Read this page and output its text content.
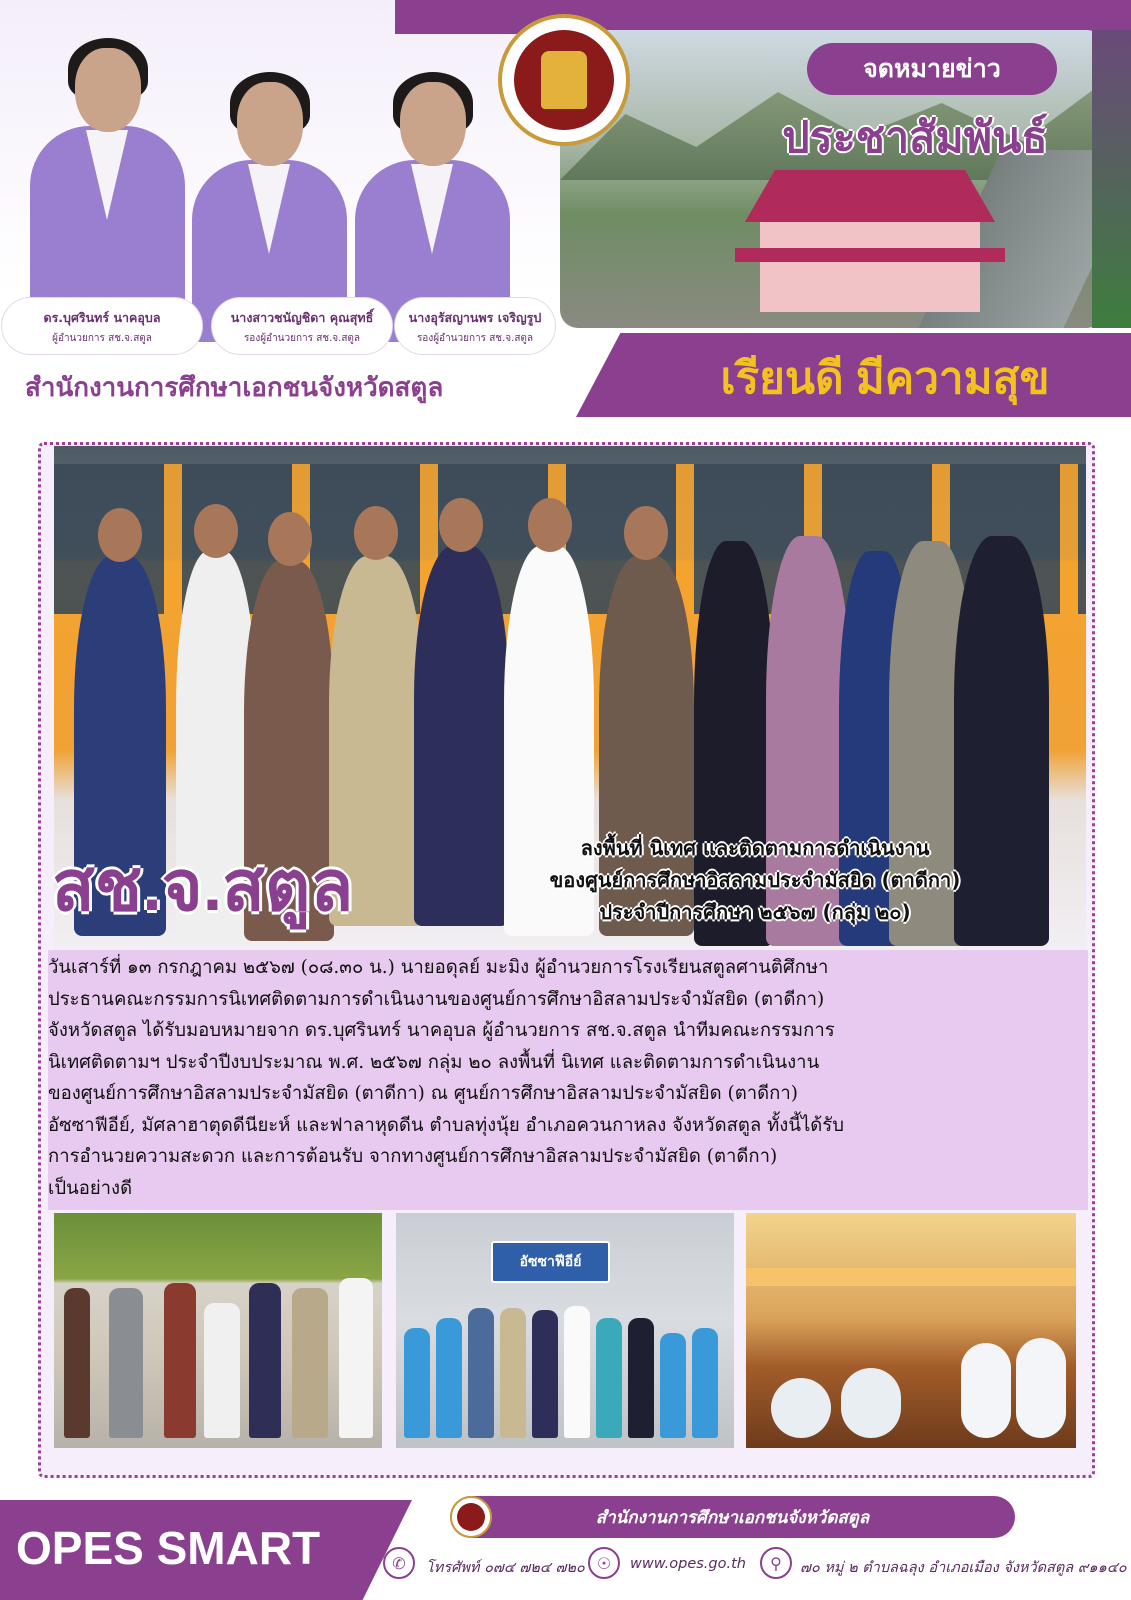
จดหมายข่าว
ประชาสัมพันธ์
ดร.บุศรินทร์ นาคอุบล
ผู้อำนวยการ สช.จ.สตูล
นางสาวชนัญชิดา คุณสุทธิ์
รองผู้อำนวยการ สช.จ.สตูล
นางอุรัสญานพร เจริญรูป
รองผู้อำนวยการ สช.จ.สตูล
สำนักงานการศึกษาเอกชนจังหวัดสตูล	เรียนดี มีความสุข
สช.จ.สตูล	ลงพื้นที่ นิเทศ และติดตามการดำเนินงาน
ของศูนย์การศึกษาอิสลามประจำมัสยิด (ตาดีกา)
ประจำปีการศึกษา ๒๕๖๗ (กลุ่ม ๒๐)
วันเสาร์ที่ ๑๓ กรกฎาคม ๒๕๖๗ (๐๘.๓๐ น.) นายอดุลย์ มะมิง ผู้อำนวยการโรงเรียนสตูลศานติศึกษา
ประธานคณะกรรมการนิเทศติดตามการดำเนินงานของศูนย์การศึกษาอิสลามประจำมัสยิด (ตาดีกา)
จังหวัดสตูล ได้รับมอบหมายจาก ดร.บุศรินทร์ นาคอุบล ผู้อำนวยการ สช.จ.สตูล นำทีมคณะกรรมการ
นิเทศติดตามฯ ประจำปีงบประมาณ พ.ศ. ๒๕๖๗ กลุ่ม ๒๐ ลงพื้นที่ นิเทศ และติดตามการดำเนินงาน
ของศูนย์การศึกษาอิสลามประจำมัสยิด (ตาดีกา) ณ ศูนย์การศึกษาอิสลามประจำมัสยิด (ตาดีกา)
อัซซาฟีอีย์, มัศลาฮาตุดดีนียะห์ และฟาลาหุดดีน ตำบลทุ่งนุ้ย อำเภอควนกาหลง จังหวัดสตูล ทั้งนี้ได้รับ
การอำนวยความสะดวก และการต้อนรับ จากทางศูนย์การศึกษาอิสลามประจำมัสยิด (ตาดีกา)
เป็นอย่างดี
อัซซาฟีอีย์
OPES SMART
สำนักงานการศึกษาเอกชนจังหวัดสตูล
✆	โทรศัพท์ ๐๗๔ ๗๒๔ ๗๒๐ ☉	www.opes.go.th	⚲	๗๐ หมู่ ๒ ตำบลฉลุง อำเภอเมือง จังหวัดสตูล ๙๑๑๔๐
